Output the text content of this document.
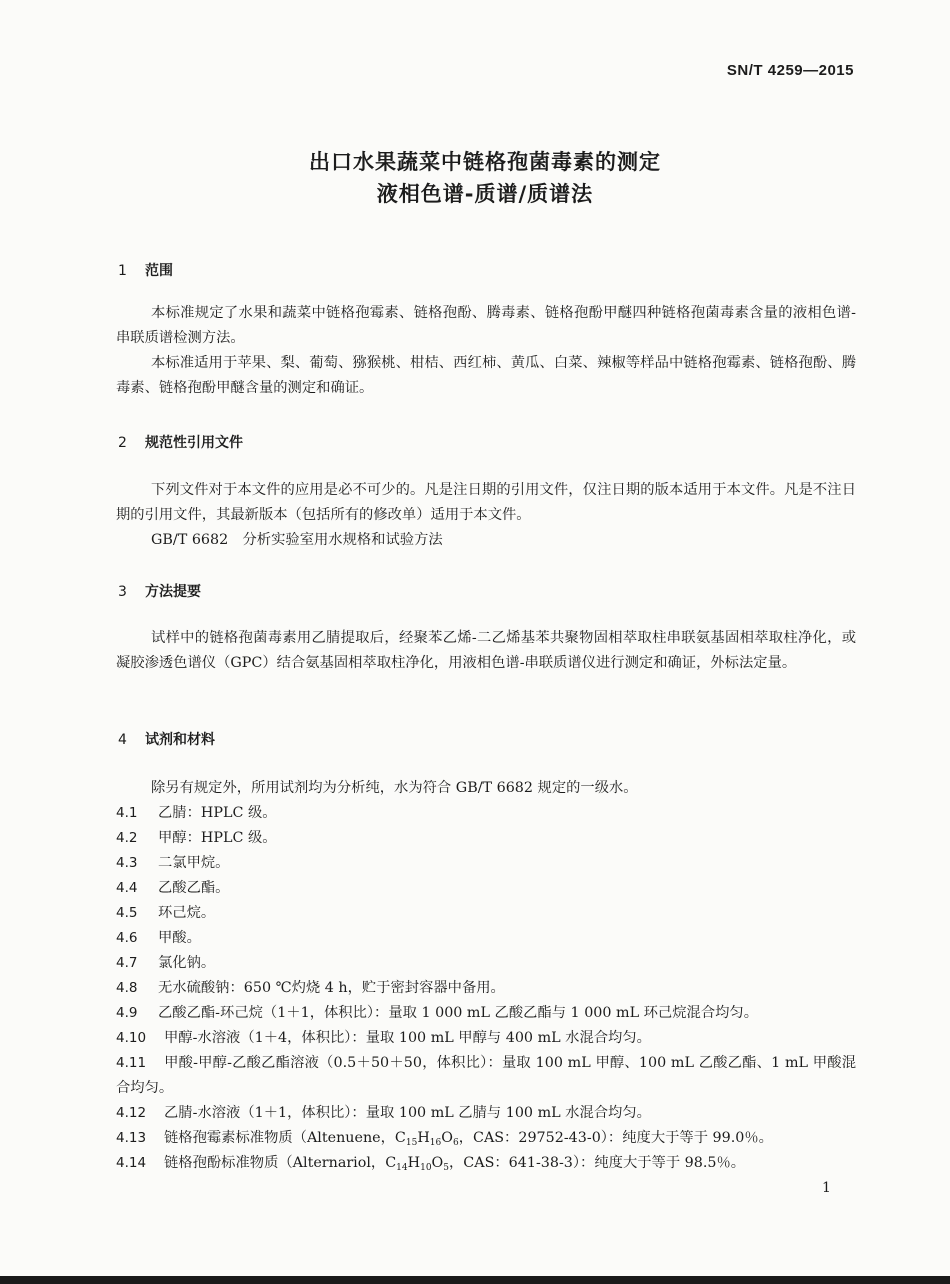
SN/T 4259—2015
出口水果蔬菜中链格孢菌毒素的测定
液相色谱-质谱/质谱法
1 范围
本标准规定了水果和蔬菜中链格孢霉素、链格孢酚、腾毒素、链格孢酚甲醚四种链格孢菌毒素含量的液相色谱-串联质谱检测方法。
本标准适用于苹果、梨、葡萄、猕猴桃、柑桔、西红柿、黄瓜、白菜、辣椒等样品中链格孢霉素、链格孢酚、腾毒素、链格孢酚甲醚含量的测定和确证。
2 规范性引用文件
下列文件对于本文件的应用是必不可少的。凡是注日期的引用文件，仅注日期的版本适用于本文件。凡是不注日期的引用文件，其最新版本（包括所有的修改单）适用于本文件。
GB/T 6682　分析实验室用水规格和试验方法
3 方法提要
试样中的链格孢菌毒素用乙腈提取后，经聚苯乙烯-二乙烯基苯共聚物固相萃取柱串联氨基固相萃取柱净化，或凝胶渗透色谱仪（GPC）结合氨基固相萃取柱净化，用液相色谱-串联质谱仪进行测定和确证，外标法定量。
4 试剂和材料
除另有规定外，所用试剂均为分析纯，水为符合 GB/T 6682 规定的一级水。
4.1 乙腈：HPLC 级。
4.2 甲醇：HPLC 级。
4.3 二氯甲烷。
4.4 乙酸乙酯。
4.5 环己烷。
4.6 甲酸。
4.7 氯化钠。
4.8 无水硫酸钠：650 ℃灼烧 4 h，贮于密封容器中备用。
4.9 乙酸乙酯-环己烷（1＋1，体积比）：量取 1 000 mL 乙酸乙酯与 1 000 mL 环己烷混合均匀。
4.10 甲醇-水溶液（1＋4，体积比）：量取 100 mL 甲醇与 400 mL 水混合均匀。
4.11 甲酸-甲醇-乙酸乙酯溶液（0.5＋50＋50，体积比）：量取 100 mL 甲醇、100 mL 乙酸乙酯、1 mL 甲酸混合均匀。
4.12 乙腈-水溶液（1＋1，体积比）：量取 100 mL 乙腈与 100 mL 水混合均匀。
4.13 链格孢霉素标准物质（Altenuene，$C_{15}H_{16}O_6$，CAS：29752-43-0）：纯度大于等于 99.0％。
4.14 链格孢酚标准物质（Alternariol，$C_{14}H_{10}O_5$，CAS：641-38-3）：纯度大于等于 98.5％。
1
